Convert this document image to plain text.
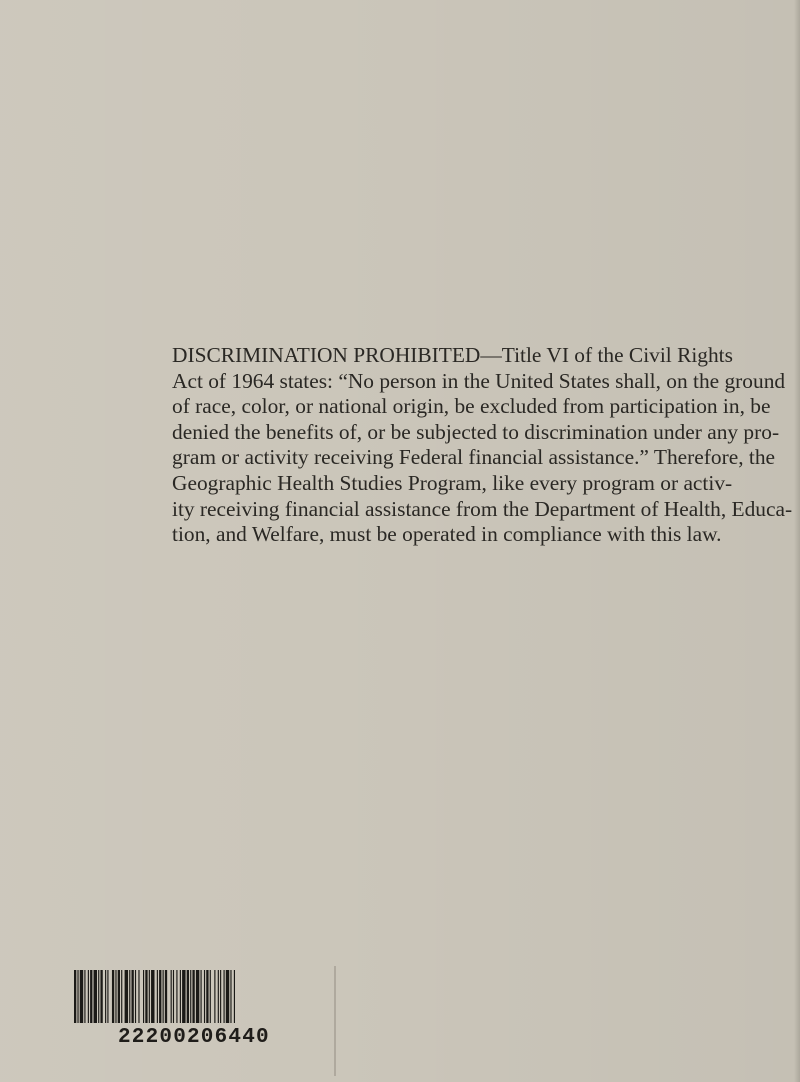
DISCRIMINATION PROHIBITED—Title VI of the Civil Rights
Act of 1964 states: “No person in the United States shall, on the ground
of race, color, or national origin, be excluded from participation in, be
denied the benefits of, or be subjected to discrimination under any pro-
gram or activity receiving Federal financial assistance.” Therefore, the
Geographic Health Studies Program, like every program or activ-
ity receiving financial assistance from the Department of Health, Educa-
tion, and Welfare, must be operated in compliance with this law.

22200206440
